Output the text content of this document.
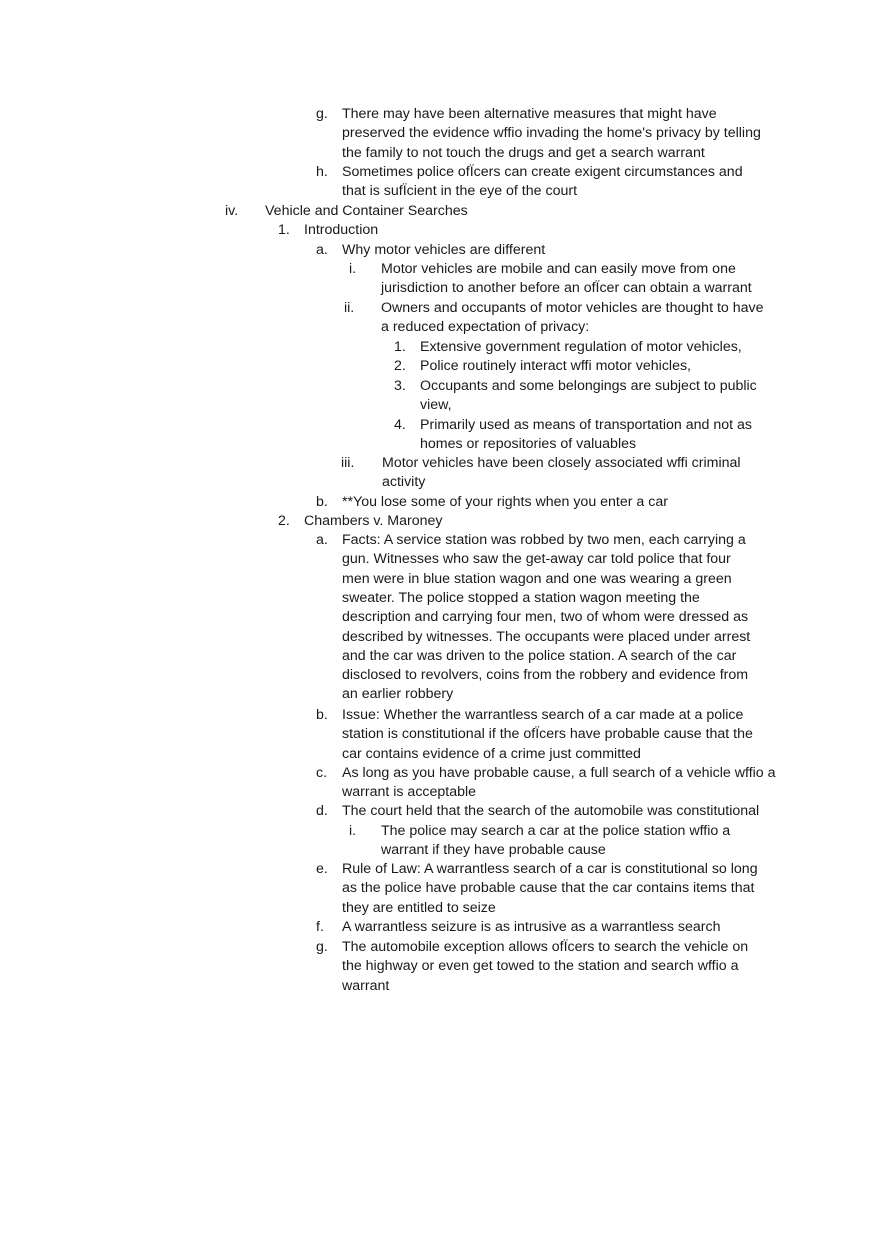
g. There may have been alternative measures that might have
preserved the evidence wffio invading the home's privacy by telling
the family to not touch the drugs and get a search warrant
h. Sometimes police ofÏcers can create exigent circumstances and
that is sufÏcient in the eye of the court
iv. Vehicle and Container Searches
1. Introduction
a. Why motor vehicles are different
i. Motor vehicles are mobile and can easily move from one
jurisdiction to another before an ofÏcer can obtain a warrant
ii. Owners and occupants of motor vehicles are thought to have
a reduced expectation of privacy:
1. Extensive government regulation of motor vehicles,
2. Police routinely interact wffi motor vehicles,
3. Occupants and some belongings are subject to public
view,
4. Primarily used as means of transportation and not as
homes or repositories of valuables
iii. Motor vehicles have been closely associated wffi criminal
activity
b. **You lose some of your rights when you enter a car
2. Chambers v. Maroney
a. Facts: A service station was robbed by two men, each carrying a
gun. Witnesses who saw the get-away car told police that four
men were in blue station wagon and one was wearing a green
sweater. The police stopped a station wagon meeting the
description and carrying four men, two of whom were dressed as
described by witnesses. The occupants were placed under arrest
and the car was driven to the police station. A search of the car
disclosed to revolvers, coins from the robbery and evidence from
an earlier robbery
b. Issue: Whether the warrantless search of a car made at a police
station is constitutional if the ofÏcers have probable cause that the
car contains evidence of a crime just committed
c. As long as you have probable cause, a full search of a vehicle wffio a
warrant is acceptable
d. The court held that the search of the automobile was constitutional
i. The police may search a car at the police station wffio a
warrant if they have probable cause
e. Rule of Law: A warrantless search of a car is constitutional so long
as the police have probable cause that the car contains items that
they are entitled to seize
f. A warrantless seizure is as intrusive as a warrantless search
g. The automobile exception allows ofÏcers to search the vehicle on
the highway or even get towed to the station and search wffio a
warrant
